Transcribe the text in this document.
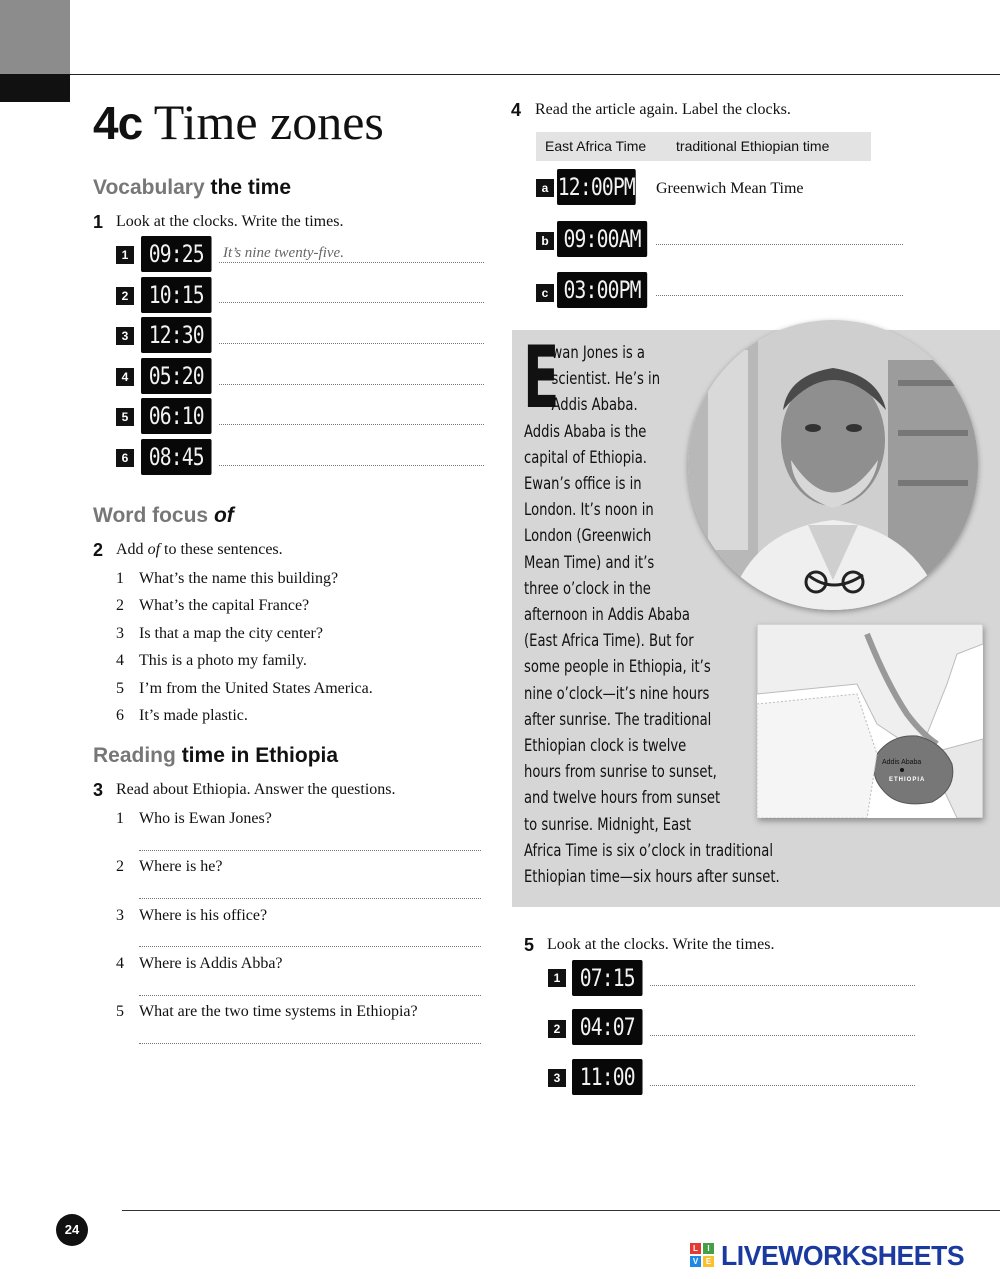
4c Time zones
Vocabulary the time
1 Look at the clocks. Write the times.
1 09:25	It’s nine twenty-five.
2 10:15
3 12:30
4 05:20
5 06:10
6 08:45
Word focus of
2 Add of to these sentences.
1 What’s the name this building?
2 What’s the capital France?
3 Is that a map the city center?
4 This is a photo my family.
5 I’m from the United States America.
6 It’s made plastic.
Reading time in Ethiopia
3 Read about Ethiopia. Answer the questions.
1 Who is Ewan Jones?
2 Where is he?
3 Where is his office?
4 Where is Addis Abba?
5 What are the two time systems in Ethiopia?
4 Read the article again. Label the clocks.
East Africa Time traditional Ethiopian time
a 12:00PM Greenwich Mean Time
b 09:00AM
c 03:00PM
Addis Ababa
ETHIOPIA
E
wan Jones is a
scientist. He’s in
Addis Ababa.
Addis Ababa is the
capital of Ethiopia.
Ewan’s office is in
London. It’s noon in
London (Greenwich
Mean Time) and it’s
three o’clock in the
afternoon in Addis Ababa
(East Africa Time). But for
some people in Ethiopia, it’s
nine o’clock—it’s nine hours
after sunrise. The traditional
Ethiopian clock is twelve
hours from sunrise to sunset,
and twelve hours from sunset
to sunrise. Midnight, East
Africa Time is six o’clock in traditional
Ethiopian time—six hours after sunset.
5 Look at the clocks. Write the times.
1 07:15
2 04:07
3 11:00
24
L	I
V E LIVEWORKSHEETS
